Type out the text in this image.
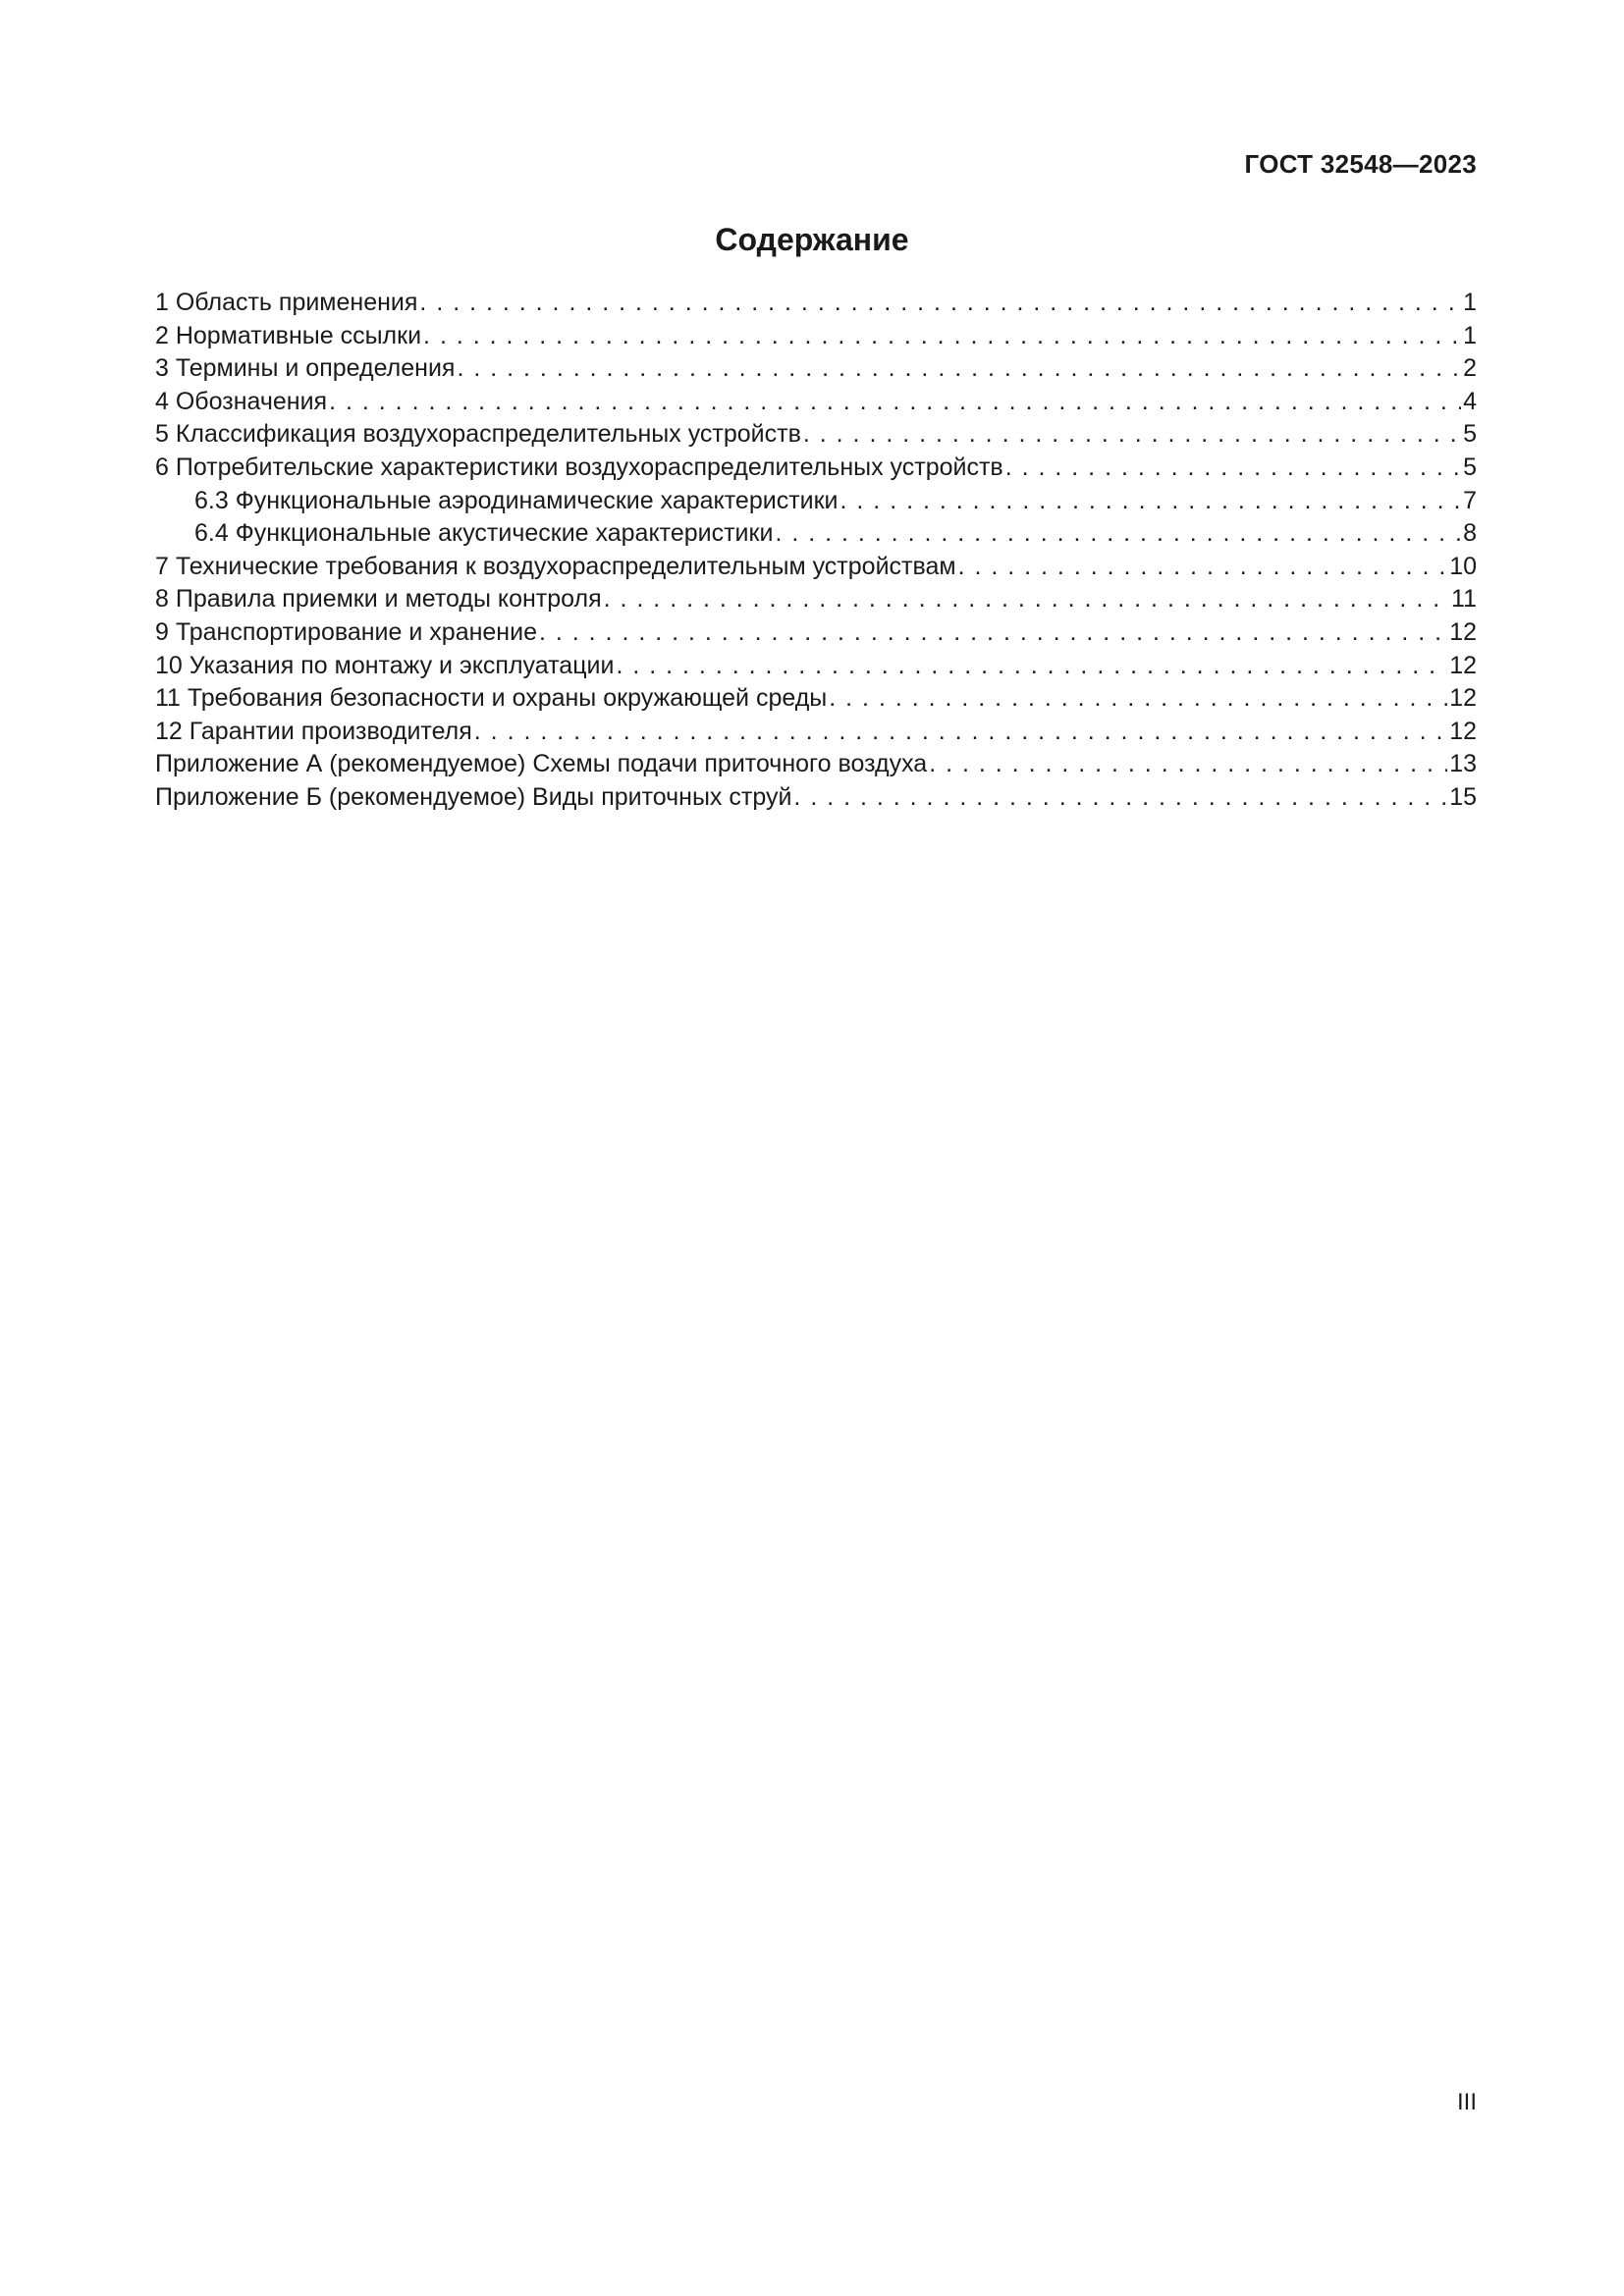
ГОСТ 32548—2023
Содержание
1 Область применения . . .	1
2 Нормативные ссылки . . .	1
3 Термины и определения . . .	2
4 Обозначения . . .	4
5 Классификация воздухораспределительных устройств . . .	5
6 Потребительские характеристики воздухораспределительных устройств . . .	5
6.3 Функциональные аэродинамические характеристики . . .	7
6.4 Функциональные акустические характеристики . . .	8
7 Технические требования к воздухораспределительным устройствам . . .	10
8 Правила приемки и методы контроля . . .	11
9 Транспортирование и хранение . . .	12
10 Указания по монтажу и эксплуатации . . .	12
11 Требования безопасности и охраны окружающей среды . . .	12
12 Гарантии производителя . . .	12
Приложение А (рекомендуемое) Схемы подачи приточного воздуха . . .	13
Приложение Б (рекомендуемое) Виды приточных струй . . .	15
III
